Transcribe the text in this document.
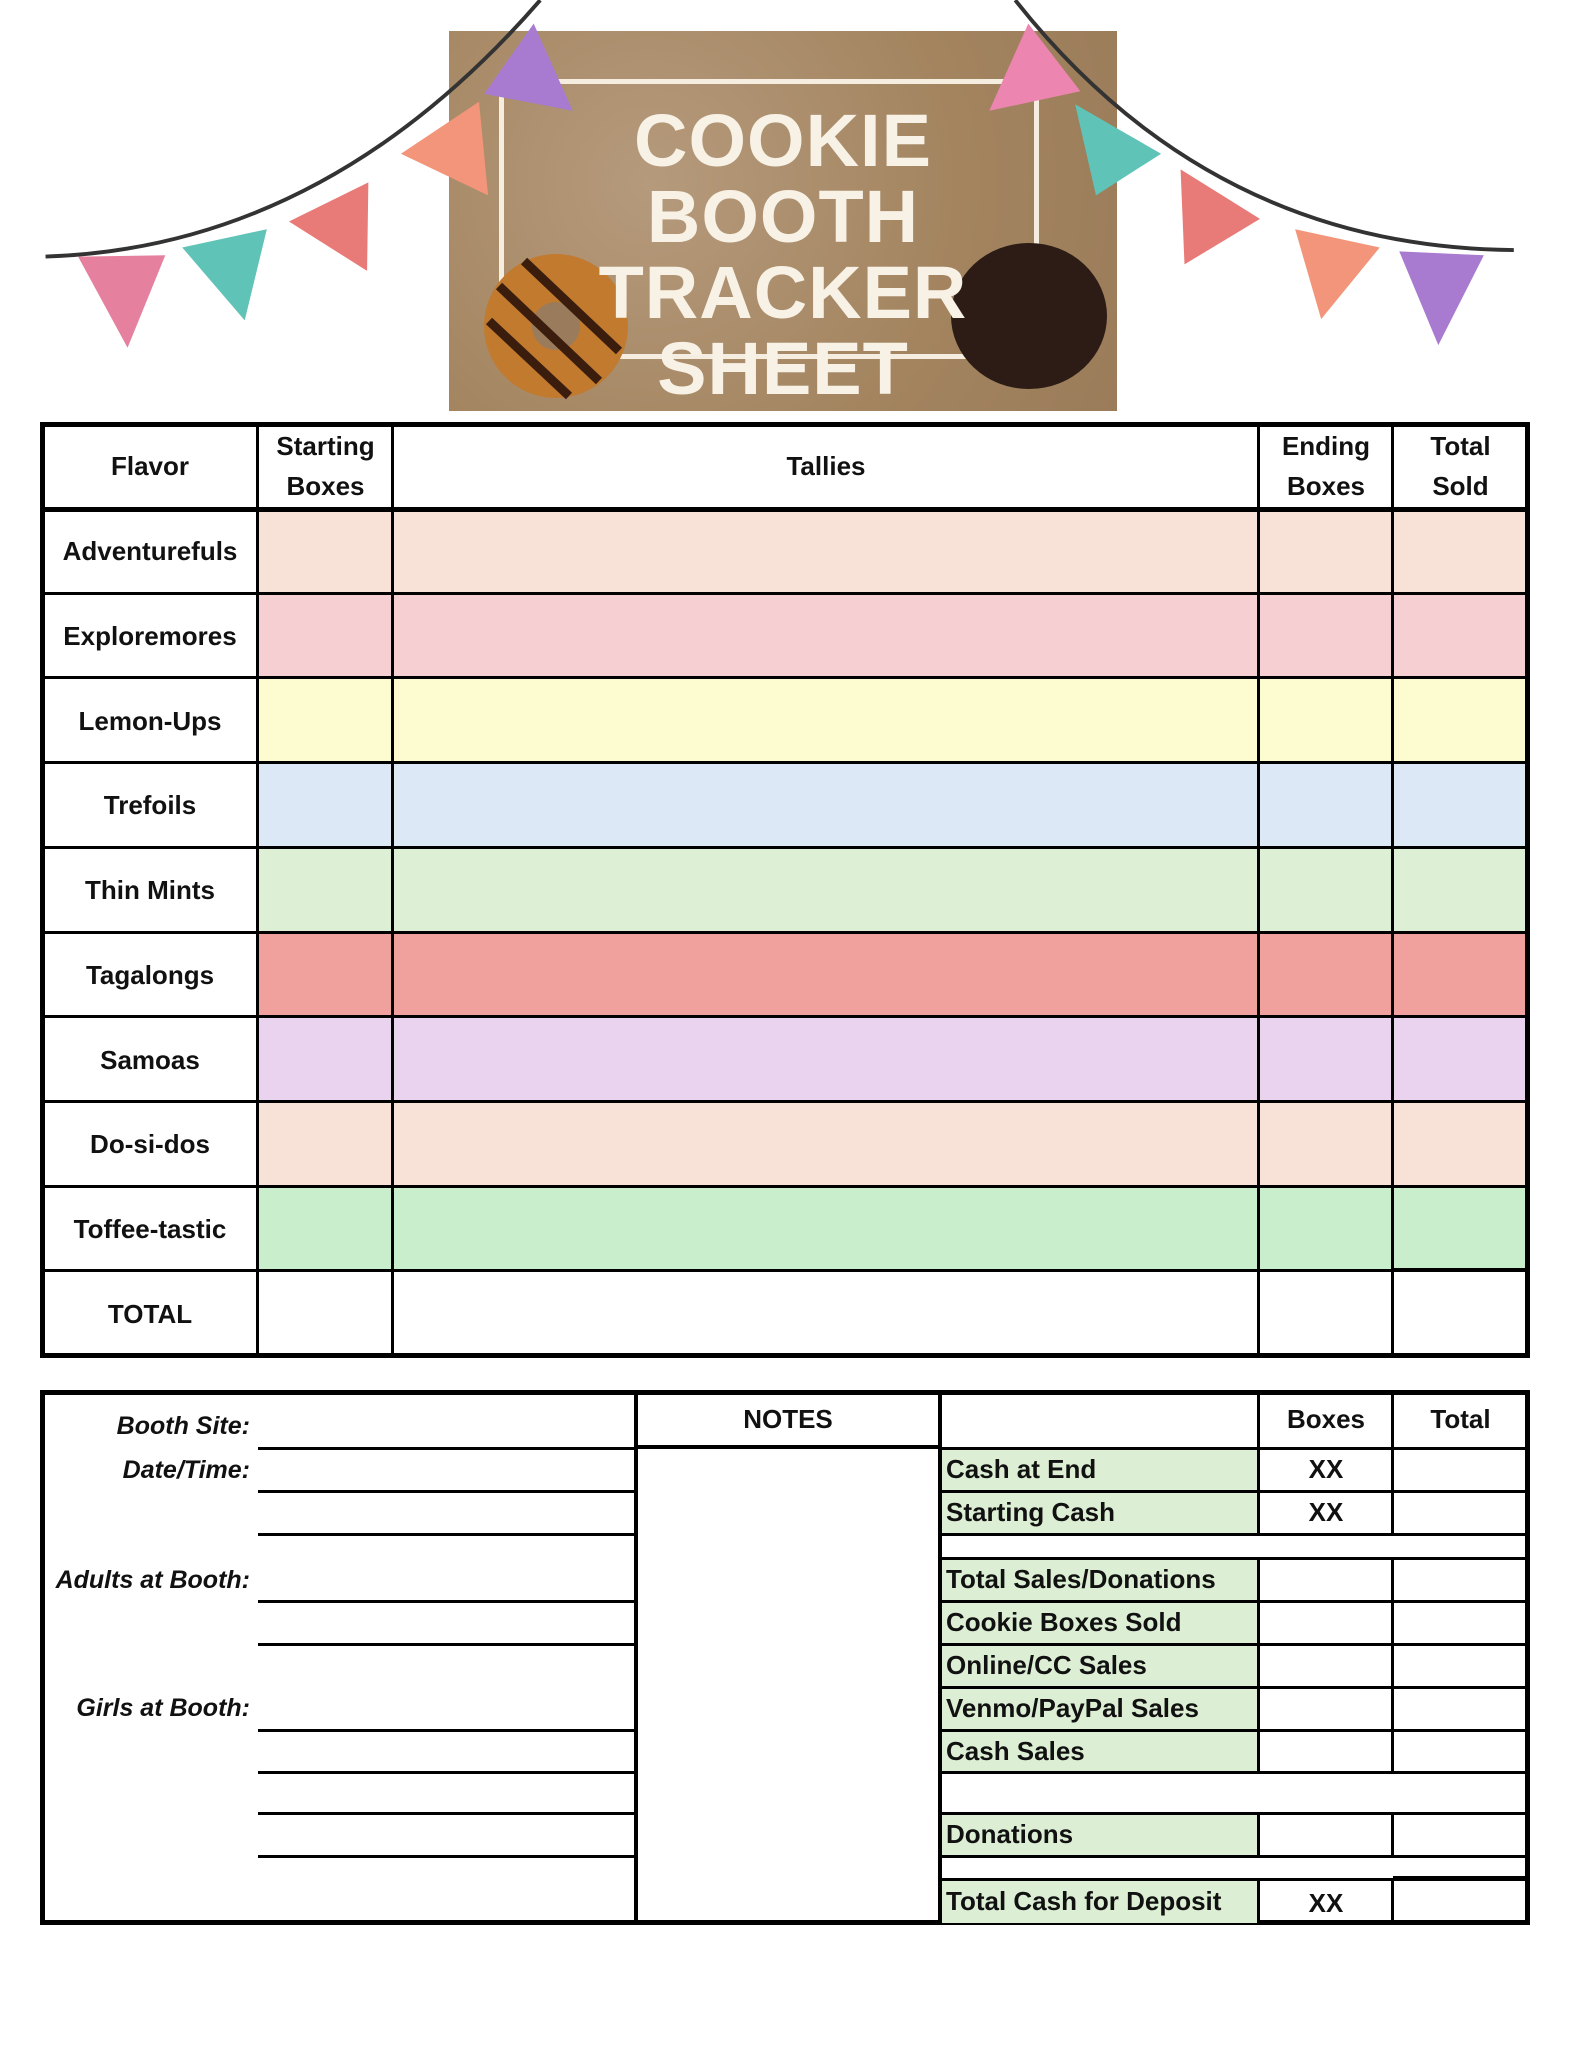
COOKIE BOOTH
TRACKER
SHEET
Flavor
Starting
Boxes
Tallies
Ending
Boxes
Total
Sold
Adventurefuls
Exploremores
Lemon-Ups
Trefoils
Thin Mints
Tagalongs
Samoas
Do-si-dos
Toffee-tastic
TOTAL
Booth Site:
Date/Time:
Adults at Booth:
Girls at Booth:
NOTES	Boxes	Total
Cash at End
Starting Cash
Total Sales/Donations
Cookie Boxes Sold
Online/CC Sales
Venmo/PayPal Sales
Cash Sales
Donations
Total Cash for Deposit
XX
XX
XX
